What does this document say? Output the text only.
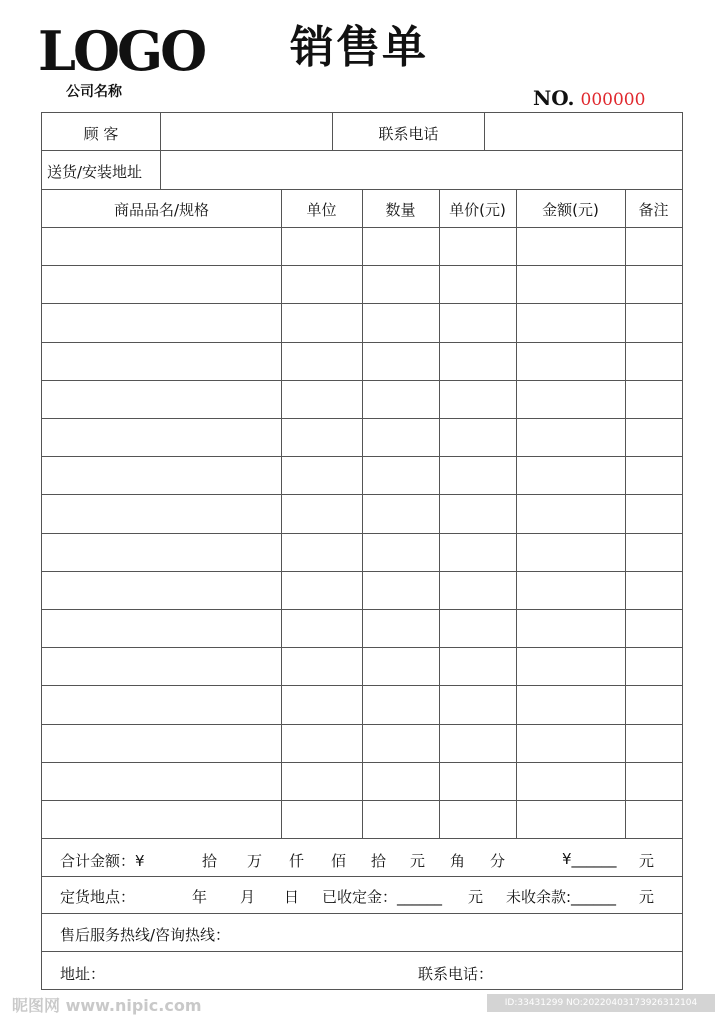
LOGO
公司名称
销售单
NO. 000000
顾 客	联系电话
送货/安装地址
商品品名/规格	单位	数量	单价(元)	金额(元)	备注
合计金额：¥	拾 万 仟 佰 拾 元 角 分	¥______ 元
定货地点：	年 月 日 已收定金：______ 元 未收余款:______ 元
售后服务热线/咨询热线：
地址：	联系电话：
昵图网 www.nipic.com	ID:33431299 NO:20220403173926312104
